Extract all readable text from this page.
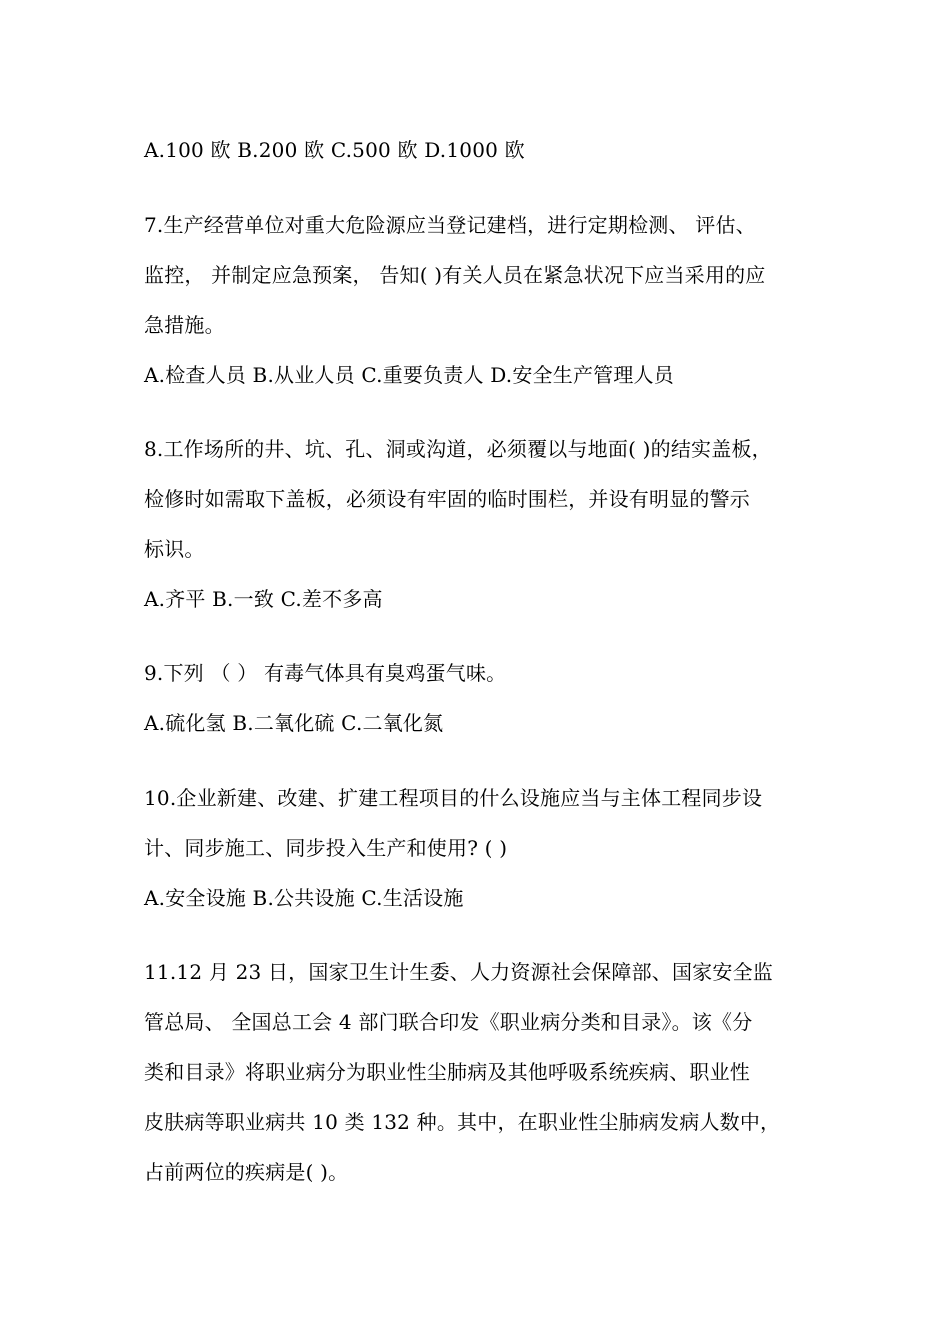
A.100 欧 B.200 欧 C.500 欧 D.1000 欧
7.生产经营单位对重大危险源应当登记建档，进行定期检测、 评估、
监控， 并制定应急预案， 告知( )有关人员在紧急状况下应当采用的应
急措施。
A.检查人员 B.从业人员 C.重要负责人 D.安全生产管理人员
8.工作场所的井、坑、孔、洞或沟道，必须覆以与地面( )的结实盖板，
检修时如需取下盖板，必须设有牢固的临时围栏，并设有明显的警示
标识。
A.齐平 B.一致 C.差不多高
9.下列 （ ） 有毒气体具有臭鸡蛋气味。
A.硫化氢 B.二氧化硫 C.二氧化氮
10.企业新建、改建、扩建工程项目的什么设施应当与主体工程同步设
计、同步施工、同步投入生产和使用? ( )
A.安全设施 B.公共设施 C.生活设施
11.12 月 23 日，国家卫生计生委、人力资源社会保障部、国家安全监
管总局、 全国总工会 4 部门联合印发《职业病分类和目录》。该《分
类和目录》将职业病分为职业性尘肺病及其他呼吸系统疾病、职业性
皮肤病等职业病共 10 类 132 种。其中，在职业性尘肺病发病人数中，
占前两位的疾病是( )。
